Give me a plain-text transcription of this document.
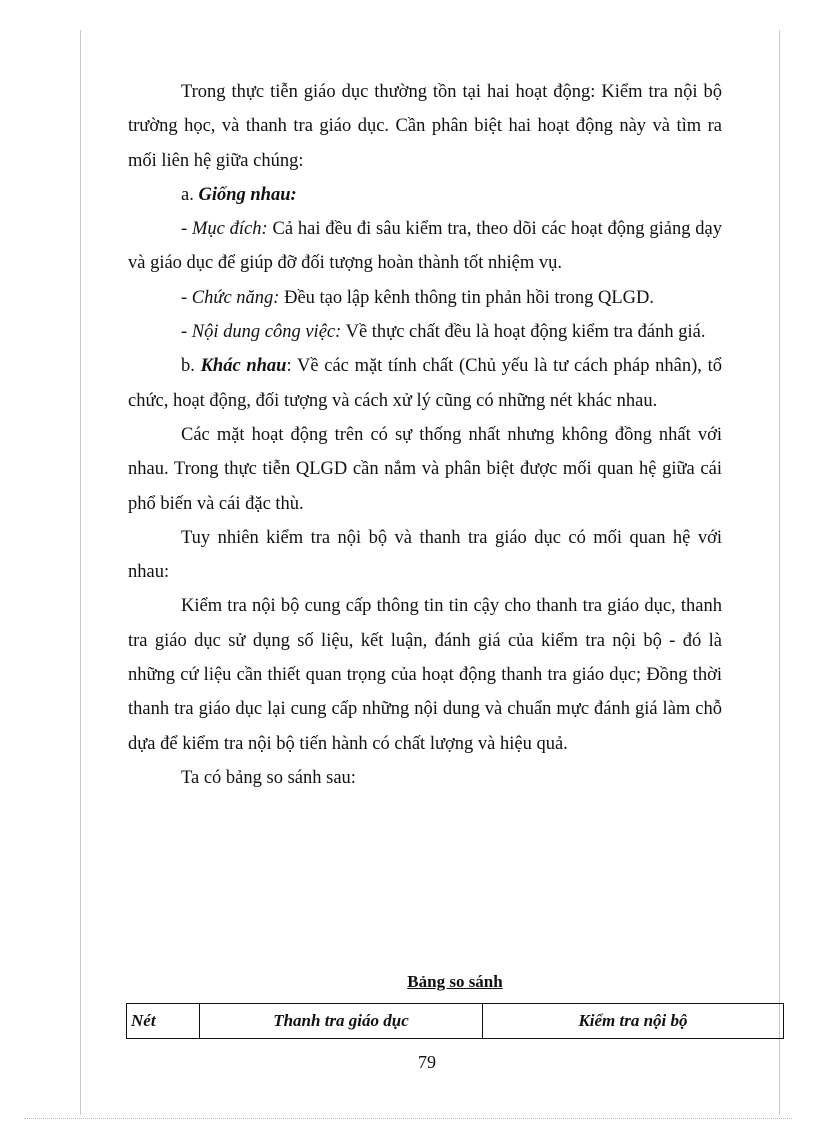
Trong thực tiễn giáo dục thường tồn tại hai hoạt động: Kiểm tra nội bộ trường học, và thanh tra giáo dục. Cần phân biệt hai hoạt động này và tìm ra mối liên hệ giữa chúng:

a. Giống nhau:

- Mục đích: Cả hai đều đi sâu kiểm tra, theo dõi các hoạt động giảng dạy và giáo dục để giúp đỡ đối tượng hoàn thành tốt nhiệm vụ.

- Chức năng: Đều tạo lập kênh thông tin phản hồi trong QLGD.

- Nội dung công việc: Về thực chất đều là hoạt động kiểm tra đánh giá.

b. Khác nhau: Về các mặt tính chất (Chủ yếu là tư cách pháp nhân), tổ chức, hoạt động, đối tượng và cách xử lý cũng có những nét khác nhau.

Các mặt hoạt động trên có sự thống nhất nhưng không đồng nhất với nhau. Trong thực tiễn QLGD cần nắm và phân biệt được mối quan hệ giữa cái phổ biến và cái đặc thù.

Tuy nhiên kiểm tra nội bộ và thanh tra giáo dục có mối quan hệ với nhau:

Kiểm tra nội bộ cung cấp thông tin tin cậy cho thanh tra giáo dục, thanh tra giáo dục sử dụng số liệu, kết luận, đánh giá của kiểm tra nội bộ - đó là những cứ liệu cần thiết quan trọng của hoạt động thanh tra giáo dục; Đồng thời thanh tra giáo dục lại cung cấp những nội dung và chuẩn mực đánh giá làm chỗ dựa để kiểm tra nội bộ tiến hành có chất lượng và hiệu quả.

Ta có bảng so sánh sau:

Bảng so sánh
Nét	Thanh tra giáo dục	Kiểm tra nội bộ
79
